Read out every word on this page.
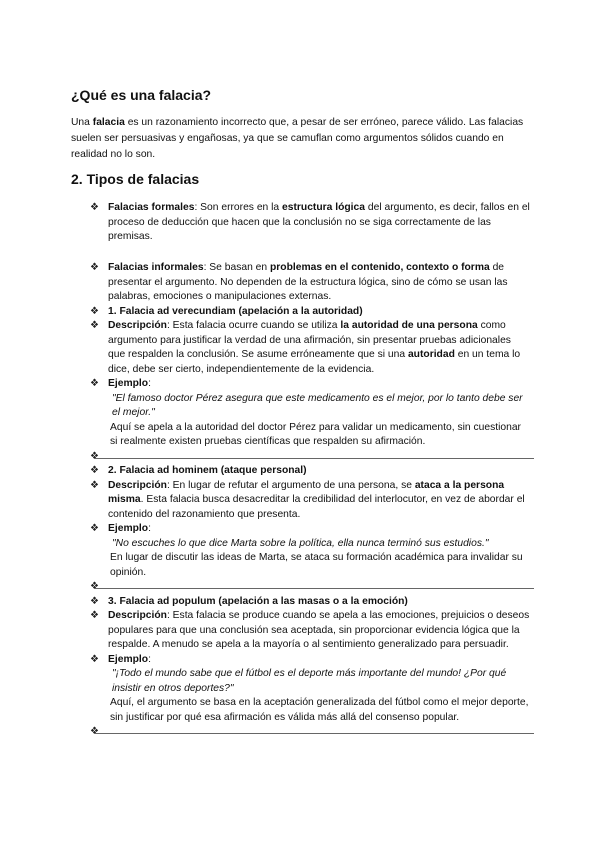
¿Qué es una falacia?

Una falacia es un razonamiento incorrecto que, a pesar de ser erróneo, parece válido. Las falacias suelen ser persuasivas y engañosas, ya que se camuflan como argumentos sólidos cuando en realidad no lo son.

2. Tipos de falacias
❖ Falacias formales: Son errores en la estructura lógica del argumento, es decir, fallos en el proceso de deducción que hacen que la conclusión no se siga correctamente de las premisas.
❖ Falacias informales: Se basan en problemas en el contenido, contexto o forma de presentar el argumento. No dependen de la estructura lógica, sino de cómo se usan las palabras, emociones o manipulaciones externas.
❖ 1. Falacia ad verecundiam (apelación a la autoridad)
❖ Descripción: Esta falacia ocurre cuando se utiliza la autoridad de una persona como argumento para justificar la verdad de una afirmación, sin presentar pruebas adicionales que respalden la conclusión. Se asume erróneamente que si una autoridad en un tema lo dice, debe ser cierto, independientemente de la evidencia.
❖ Ejemplo:
"El famoso doctor Pérez asegura que este medicamento es el mejor, por lo tanto debe ser el mejor."
Aquí se apela a la autoridad del doctor Pérez para validar un medicamento, sin cuestionar si realmente existen pruebas científicas que respalden su afirmación.
❖
❖ 2. Falacia ad hominem (ataque personal)
❖ Descripción: En lugar de refutar el argumento de una persona, se ataca a la persona misma. Esta falacia busca desacreditar la credibilidad del interlocutor, en vez de abordar el contenido del razonamiento que presenta.
❖ Ejemplo:
"No escuches lo que dice Marta sobre la política, ella nunca terminó sus estudios."
En lugar de discutir las ideas de Marta, se ataca su formación académica para invalidar su opinión.
❖
❖ 3. Falacia ad populum (apelación a las masas o a la emoción)
❖ Descripción: Esta falacia se produce cuando se apela a las emociones, prejuicios o deseos populares para que una conclusión sea aceptada, sin proporcionar evidencia lógica que la respalde. A menudo se apela a la mayoría o al sentimiento generalizado para persuadir.
❖ Ejemplo:
"¡Todo el mundo sabe que el fútbol es el deporte más importante del mundo! ¿Por qué insistir en otros deportes?"
Aquí, el argumento se basa en la aceptación generalizada del fútbol como el mejor deporte, sin justificar por qué esa afirmación es válida más allá del consenso popular.
❖
